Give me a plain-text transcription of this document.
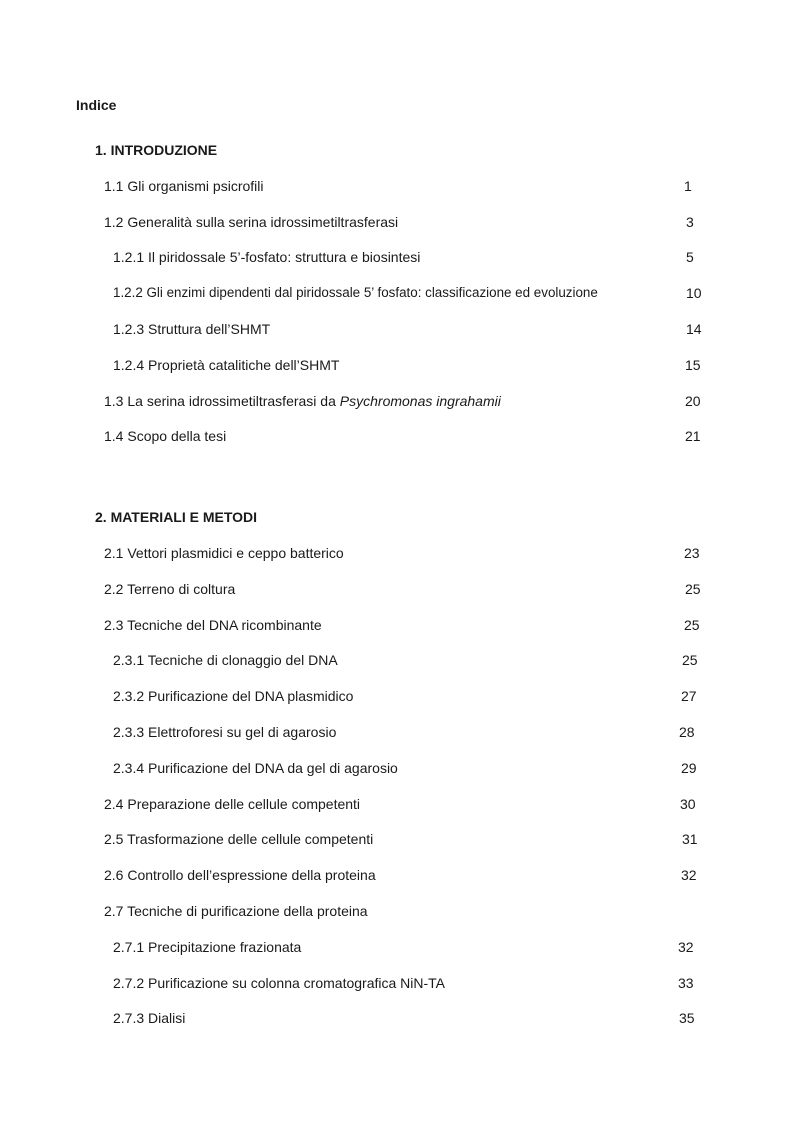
Indice
1. INTRODUZIONE
1.1 Gli organismi psicrofili	1
1.2 Generalità sulla serina idrossimetiltrasferasi	3
1.2.1 Il piridossale 5’-fosfato: struttura e biosintesi	5
1.2.2 Gli enzimi dipendenti dal piridossale 5’ fosfato: classificazione ed evoluzione	10
1.2.3 Struttura dell’SHMT	14
1.2.4 Proprietà catalitiche dell’SHMT	15
1.3 La serina idrossimetiltrasferasi da Psychromonas ingrahamii	20
1.4 Scopo della tesi	21
2. MATERIALI E METODI
2.1 Vettori plasmidici e ceppo batterico	23
2.2 Terreno di coltura	25
2.3 Tecniche del DNA ricombinante	25
2.3.1 Tecniche di clonaggio del DNA	25
2.3.2 Purificazione del DNA plasmidico	27
2.3.3 Elettroforesi su gel di agarosio	28
2.3.4 Purificazione del DNA da gel di agarosio	29
2.4 Preparazione delle cellule competenti	30
2.5 Trasformazione delle cellule competenti	31
2.6 Controllo dell’espressione della proteina	32
2.7 Tecniche di purificazione della proteina
2.7.1 Precipitazione frazionata	32
2.7.2 Purificazione su colonna cromatografica NiN-TA	33
2.7.3 Dialisi	35
